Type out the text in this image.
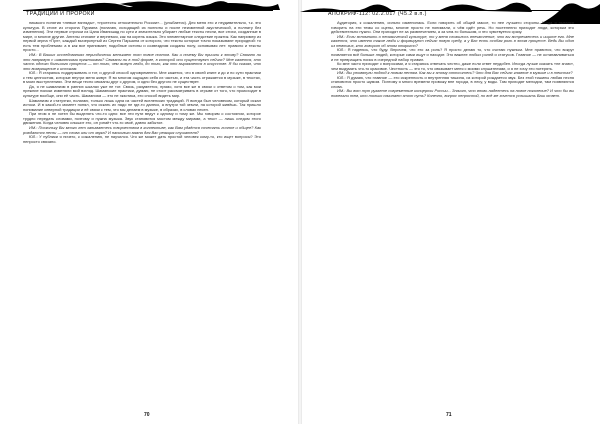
ТРАДИЦИИ И ПРОРОКИ

никакого понятия «левые взгляды», «протесты относительно России»... (улыбается). Для меня это и неудивительно, т.к. это культура. В стихе из сторона Пуриана (полагаю, исходящей из полноты и после неизменной акустической, а полнату без изменения). Эти первые строчки из Цапа Иванишад по сути и значительно убирает любые тексты песни, все стихи, созданные в мире, и многие другие. Ангелы стихают и вернемся, как на корень языка. Это элементарное следствие практик. Как например из первой зерна «Пул», каждый вычеркнутый из Сергея Паршина от которого, что тексты которые точно показывают природной: то есть тем проблемам: а в как все принимает, подобные истины и созвездиям созданы полу, основывая лет: правило и тексты просто...

ИМ.: В Ваших исследованиях периодически мелькает тот новое поэтов. Как и почему Вы пришли к этому? Связано ли это напрямую с шаманскими практиками? Связаны ли в той форме, в которой они существуют сейчас? Мне кажется, это часть одного большого процесса — от того, чем живут люди, до того, как это выражается в искусстве. Я бы сказал, что это возвращение к истокам.

ЮЛ.: Я стараюсь поддерживать и тот, и другой способ одновременно. Мне кажется, что в своей книге и до и по сути практики к тем ценностям, которые внутри меня живут. Я во многом ощущаю себя их частью, и эта часть отражается в музыке, в текстах, в моих выступлениях. Эти вещи тесно связаны друг с другом, и одно без другого не существует.

Да, я не шаманизм в ранних шкалах уже не тот. Связь, разумеется, прямо, хотя все же в связи с ответом о том, как мои прежние поиски изменяли мой взгляд. Шаманские практики, думаю, не стоит рассматривать в отрыве от того, что происходит в культуре вообще, они её часть. Шаманизм — это не экзотика, это способ видеть мир.

Шаманизм и статуэтки, полагаю, только лишь одна из частей вселенских традиций. Я всегда был человеком, который искал истоки. И в какой-то момент понял, что искать их надо не где-то далеко, а внутри той земли, на которой живёшь. Так пришло понимание северной традиции и её связи с тем, что мы делаем в музыке, в образах, в словах песен.

При этом я не хотел бы выделять что-то одно: все эти пути ведут к одному и тому же. Мы говорим о состоянии, которое трудно передать словами, поэтому и нужна музыка. Звук становится мостом между мирами, а текст — лишь следом этого движения. Когда человек слышит это, он узнаёт что-то своё, давно забытое.

ИМ.: Поскольку Вы много лет занимаетесь творчеством в коллективе, как Вам удаётся сочетать личное и общее? Как рождаются песни — от слова или от звука? И насколько важна для Вас реакция слушателя?

ЮЛ.: У публики я ничего, к сожалению, не научился. Что же может дать простой человек кому-то, кто ищет вопросы? Это непросто связано.

70
АПОКРИФ-112: 02.2.017 (Ч5.2 в.п.)

Аудитория, к сожалению, сильно изменилась. Если говорить об общей массе, то нее лучшего стороны. Когда я пытался говорить на эти темы со сцены, многие просто не понимали, о чём идёт речь. Но постепенно приходят люди, которым это действительно нужно. Они приходят не за развлечением, а за чем-то большим, и это чувствуется сразу.

ИМ.: Если вспомнить о неоязыческой культуре, то у меня сложилось впечатление, что вы встречаетесь и ищите его. Мне кажется, что именно такие люди и формируют сейчас новую среду, а у Вас есть особая роль в этом процессе. Ведь Вы один из немногих, кто говорит об этом открыто?

ЮЛ.: Я надеюсь, что буду. Впрочем, что это за роль? Я просто делаю то, что считаю нужным. Мне нравится, что вокруг появляется всё больше людей, которые сами ищут и находят. Это важнее любых ролей и статусов. Главное — не останавливаться и не превращать поиск в очередной набор правил.

Ко мне часто приходят с вопросами, и я стараюсь отвечать честно, даже если ответ неудобен. Иногда лучше сказать «не знаю», чем выдумать что-то красивое. Честность — это то, что связывает меня с моими слушателями, и я не хочу это потерять.

ИМ.: Вы упомянули подход к новым песням. Как вы к этому относитесь? Что для Вас сейчас главное в музыке и в текстах?

ЮЛ.: Я думаю, что главное — это искренность и внутренняя тишина, из которой рождается звук. Без этой тишины любая песня становится просто шумом. Поэтому я много времени провожу вне города, в лесу, у воды. Там приходят мелодии, там появляются слова.

ИМ.: Вы вот тут ругаете современные концерты России... Значит, что вновь надеетесь на новое поколение? И что бы вы пожелали тем, кто только начинает этот путь? Конечно, вопрос непростой, но всё же хочется услышать Ваш ответ.

71
